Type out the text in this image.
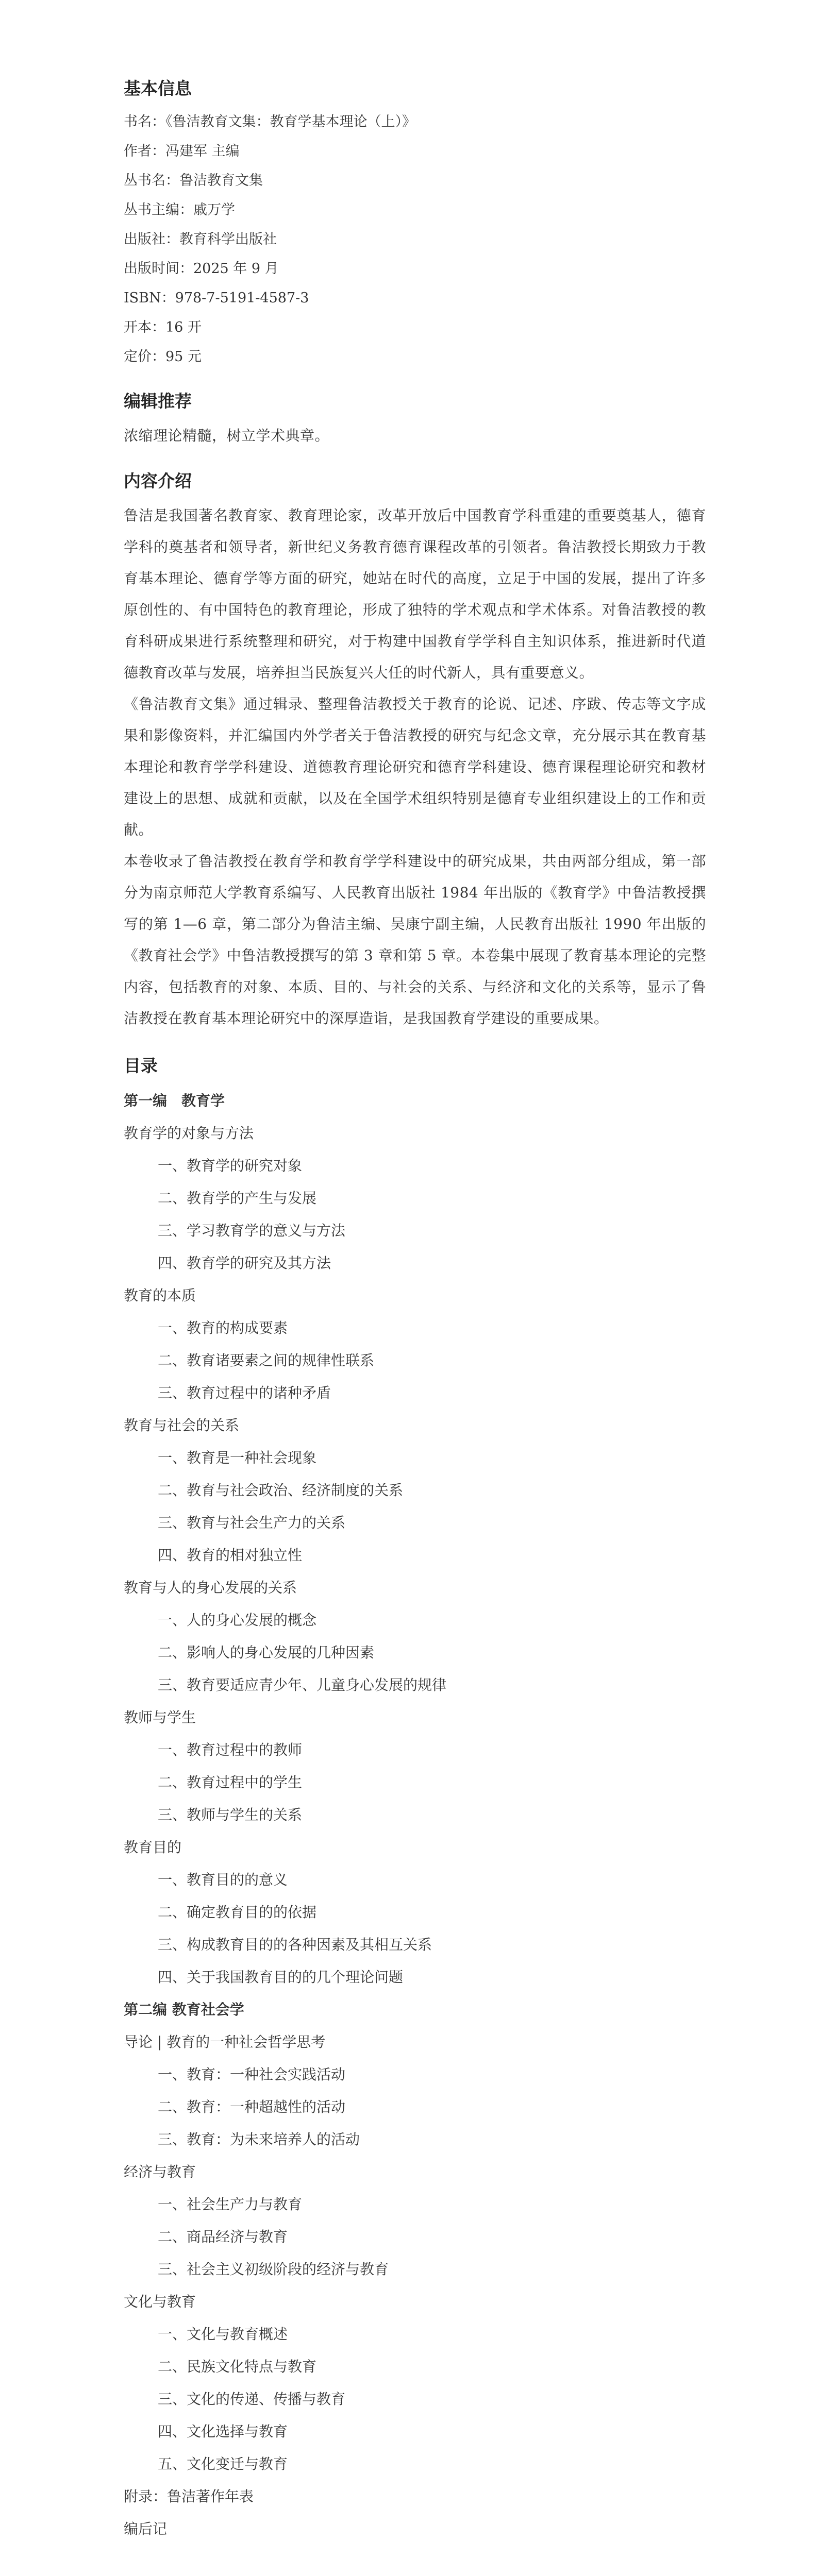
基本信息

书名：《鲁洁教育文集：教育学基本理论（上）》

作者：冯建军 主编

丛书名：鲁洁教育文集

丛书主编：戚万学

出版社：教育科学出版社

出版时间：2025 年 9 月

ISBN：978-7-5191-4587-3

开本：16 开

定价：95 元

编辑推荐

浓缩理论精髓，树立学术典章。

内容介绍

鲁洁是我国著名教育家、教育理论家，改革开放后中国教育学科重建的重要奠基人，德育学科的奠基者和领导者，新世纪义务教育德育课程改革的引领者。鲁洁教授长期致力于教育基本理论、德育学等方面的研究，她站在时代的高度，立足于中国的发展，提出了许多原创性的、有中国特色的教育理论，形成了独特的学术观点和学术体系。对鲁洁教授的教育科研成果进行系统整理和研究，对于构建中国教育学学科自主知识体系，推进新时代道德教育改革与发展，培养担当民族复兴大任的时代新人，具有重要意义。

《鲁洁教育文集》通过辑录、整理鲁洁教授关于教育的论说、记述、序跋、传志等文字成果和影像资料，并汇编国内外学者关于鲁洁教授的研究与纪念文章，充分展示其在教育基本理论和教育学学科建设、道德教育理论研究和德育学科建设、德育课程理论研究和教材建设上的思想、成就和贡献，以及在全国学术组织特别是德育专业组织建设上的工作和贡献。

本卷收录了鲁洁教授在教育学和教育学学科建设中的研究成果，共由两部分组成，第一部分为南京师范大学教育系编写、人民教育出版社 1984 年出版的《教育学》中鲁洁教授撰写的第 1—6 章，第二部分为鲁洁主编、吴康宁副主编，人民教育出版社 1990 年出版的《教育社会学》中鲁洁教授撰写的第 3 章和第 5 章。本卷集中展现了教育基本理论的完整内容，包括教育的对象、本质、目的、与社会的关系、与经济和文化的关系等，显示了鲁洁教授在教育基本理论研究中的深厚造诣，是我国教育学建设的重要成果。

目录

第一编　教育学

教育学的对象与方法

一、教育学的研究对象

二、教育学的产生与发展

三、学习教育学的意义与方法

四、教育学的研究及其方法

教育的本质

一、教育的构成要素

二、教育诸要素之间的规律性联系

三、教育过程中的诸种矛盾

教育与社会的关系

一、教育是一种社会现象

二、教育与社会政治、经济制度的关系

三、教育与社会生产力的关系

四、教育的相对独立性

教育与人的身心发展的关系

一、人的身心发展的概念

二、影响人的身心发展的几种因素

三、教育要适应青少年、儿童身心发展的规律

教师与学生

一、教育过程中的教师

二、教育过程中的学生

三、教师与学生的关系

教育目的

一、教育目的的意义

二、确定教育目的的依据

三、构成教育目的的各种因素及其相互关系

四、关于我国教育目的的几个理论问题

第二编 教育社会学

导论 | 教育的一种社会哲学思考

一、教育：一种社会实践活动

二、教育：一种超越性的活动

三、教育：为未来培养人的活动

经济与教育

一、社会生产力与教育

二、商品经济与教育

三、社会主义初级阶段的经济与教育

文化与教育

一、文化与教育概述

二、民族文化特点与教育

三、文化的传递、传播与教育

四、文化选择与教育

五、文化变迁与教育

附录：鲁洁著作年表

编后记
